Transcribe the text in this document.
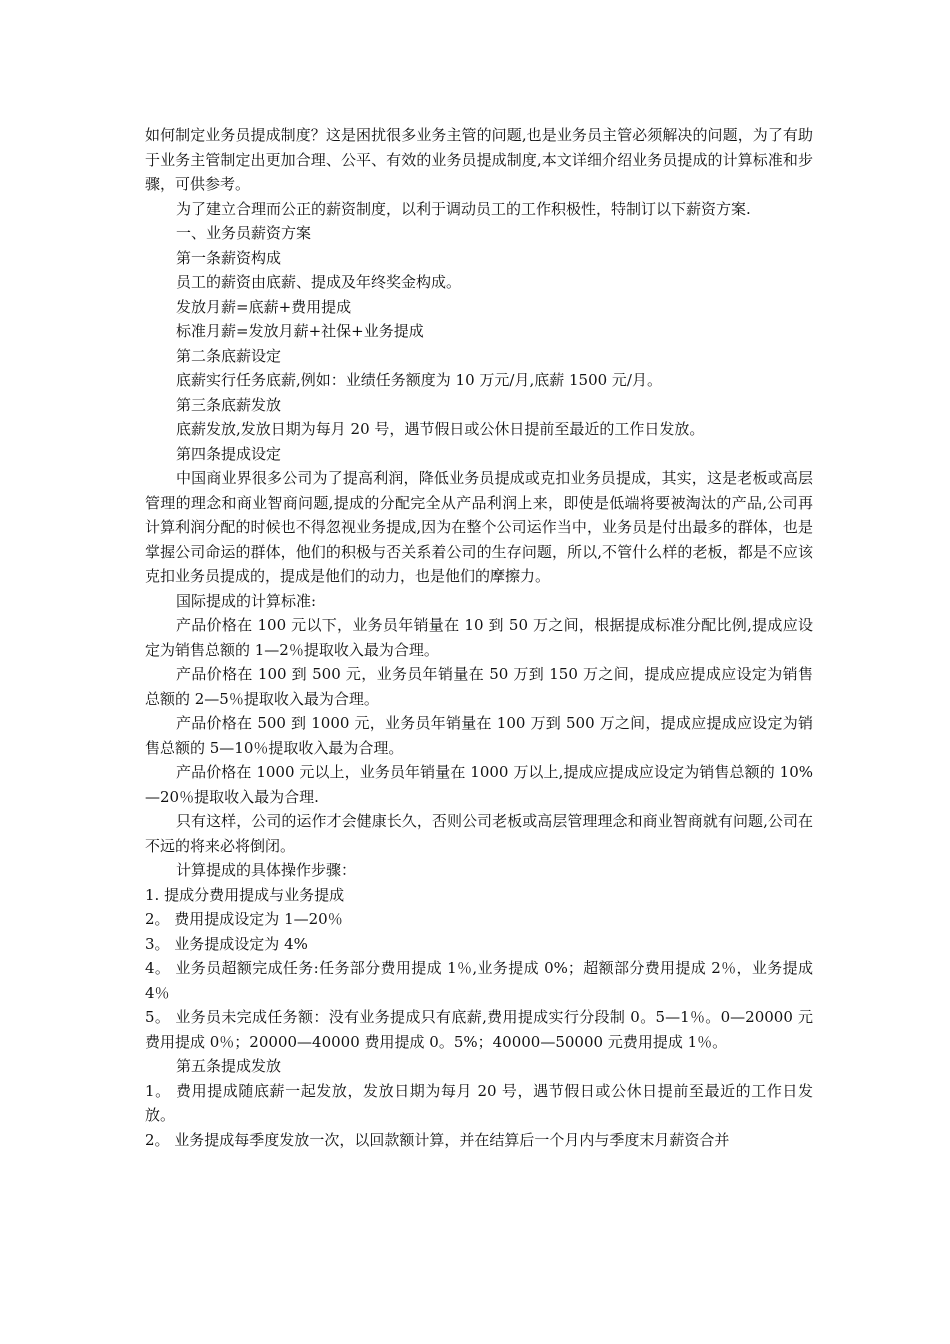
如何制定业务员提成制度？这是困扰很多业务主管的问题,也是业务员主管必须解决的问题，为了有助于业务主管制定出更加合理、公平、有效的业务员提成制度,本文详细介绍业务员提成的计算标准和步骤，可供参考。

为了建立合理而公正的薪资制度，以利于调动员工的工作积极性，特制订以下薪资方案.

一、业务员薪资方案

第一条薪资构成

员工的薪资由底薪、提成及年终奖金构成。

发放月薪=底薪+费用提成

标准月薪=发放月薪+社保+业务提成

第二条底薪设定

底薪实行任务底薪,例如：业绩任务额度为 10 万元/月,底薪 1500 元/月。

第三条底薪发放

底薪发放,发放日期为每月 20 号，遇节假日或公休日提前至最近的工作日发放。

第四条提成设定

中国商业界很多公司为了提高利润，降低业务员提成或克扣业务员提成，其实，这是老板或高层管理的理念和商业智商问题,提成的分配完全从产品利润上来，即使是低端将要被淘汰的产品,公司再计算利润分配的时候也不得忽视业务提成,因为在整个公司运作当中，业务员是付出最多的群体，也是掌握公司命运的群体，他们的积极与否关系着公司的生存问题，所以,不管什么样的老板，都是不应该克扣业务员提成的，提成是他们的动力，也是他们的摩擦力。

国际提成的计算标准:

产品价格在 100 元以下，业务员年销量在 10 到 50 万之间，根据提成标准分配比例,提成应设定为销售总额的 1—2％提取收入最为合理。

产品价格在 100 到 500 元，业务员年销量在 50 万到 150 万之间，提成应提成应设定为销售总额的 2—5％提取收入最为合理。

产品价格在 500 到 1000 元，业务员年销量在 100 万到 500 万之间，提成应提成应设定为销售总额的 5—10％提取收入最为合理。

产品价格在 1000 元以上，业务员年销量在 1000 万以上,提成应提成应设定为销售总额的 10%—20％提取收入最为合理.

只有这样，公司的运作才会健康长久，否则公司老板或高层管理理念和商业智商就有问题,公司在不远的将来必将倒闭。

计算提成的具体操作步骤：

1. 提成分费用提成与业务提成

2。 费用提成设定为 1—20％

3。 业务提成设定为 4%

4。 业务员超额完成任务:任务部分费用提成 1％,业务提成 0%；超额部分费用提成 2％，业务提成 4％

5。 业务员未完成任务额：没有业务提成只有底薪,费用提成实行分段制 0。5—1％。0—20000 元费用提成 0％；20000—40000 费用提成 0。5%；40000—50000 元费用提成 1％。

第五条提成发放

1。 费用提成随底薪一起发放，发放日期为每月 20 号，遇节假日或公休日提前至最近的工作日发放。

2。 业务提成每季度发放一次，以回款额计算，并在结算后一个月内与季度末月薪资合并
